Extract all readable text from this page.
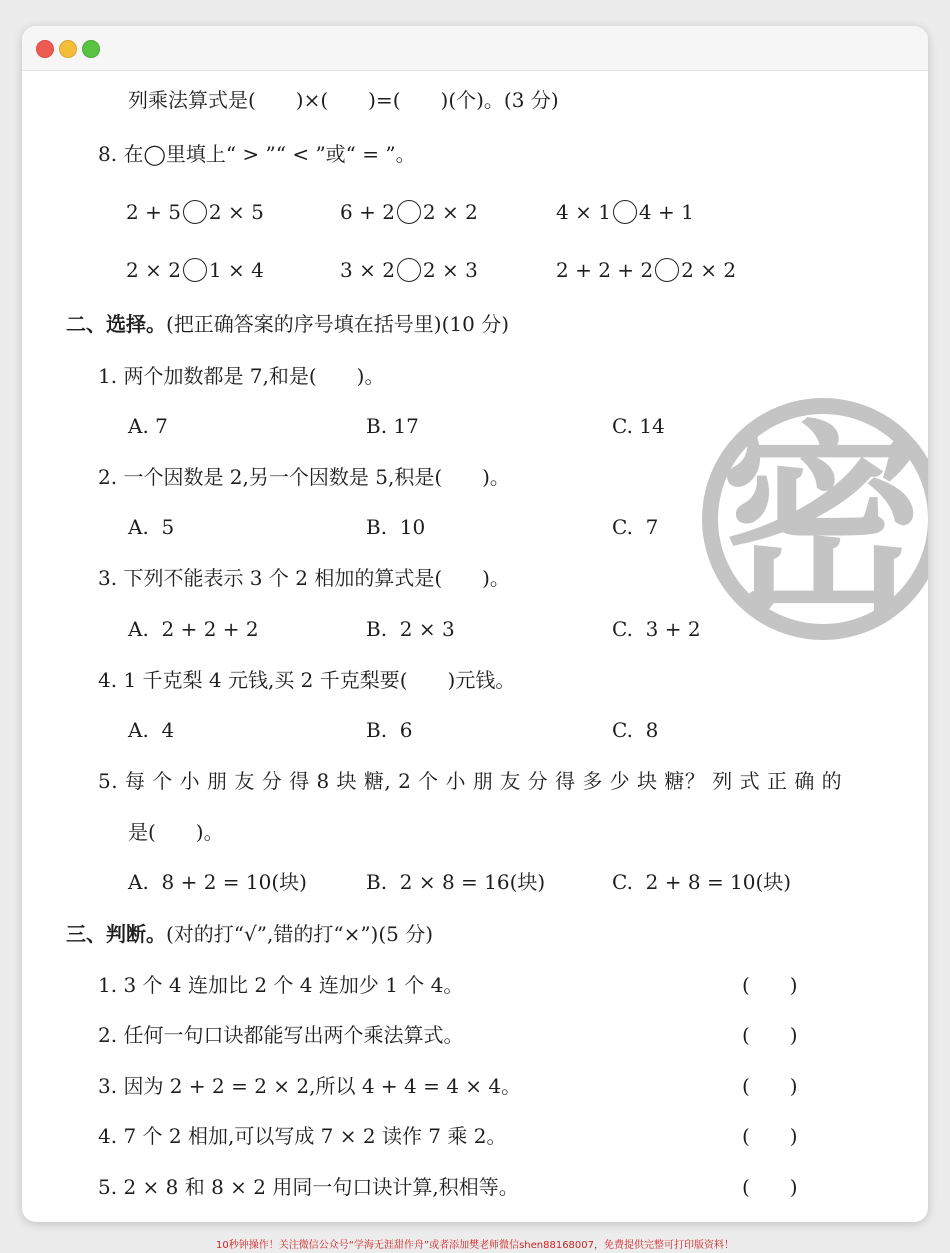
密
列乘法算式是(　　)×(　　)=(　　)(个)。(3 分)
8. 在◯里填上“ > ”“ < ”或“ = ”。
2 + 5 2 × 5	6 + 2 2 × 2	4 × 1 4 + 1
2 × 2 1 × 4	3 × 2 2 × 3	2 + 2 + 2 2 × 2
二、选择。(把正确答案的序号填在括号里)(10 分)
1. 两个加数都是 7,和是(　　)。
A. 7	B. 17	C. 14
2. 一个因数是 2,另一个因数是 5,积是(　　)。
A.  5	B.  10	C.  7
3. 下列不能表示 3 个 2 相加的算式是(　　)。
A.  2 + 2 + 2	B.  2 × 3	C.  3 + 2
4. 1 千克梨 4 元钱,买 2 千克梨要(　　)元钱。
A.  4	B.  6	C.  8
5. 每 个 小 朋 友 分 得 8 块 糖, 2 个 小 朋 友 分 得 多 少 块 糖？ 列 式 正 确 的
是(　　)。
A.  8 + 2 = 10(块)	B.  2 × 8 = 16(块)	C.  2 + 8 = 10(块)
三、判断。(对的打“√”,错的打“×”)(5 分)
1. 3 个 4 连加比 2 个 4 连加少 1 个 4。	(　　)
2. 任何一句口诀都能写出两个乘法算式。	(　　)
3. 因为 2 + 2 = 2 × 2,所以 4 + 4 = 4 × 4。	(　　)
4. 7 个 2 相加,可以写成 7 × 2 读作 7 乘 2。	(　　)
5. 2 × 8 和 8 × 2 用同一句口诀计算,积相等。	(　　)
10秒钟操作！关注微信公众号“学海无涯甜作舟”或者添加樊老师微信shen88168007，免费提供完整可打印版资料！
